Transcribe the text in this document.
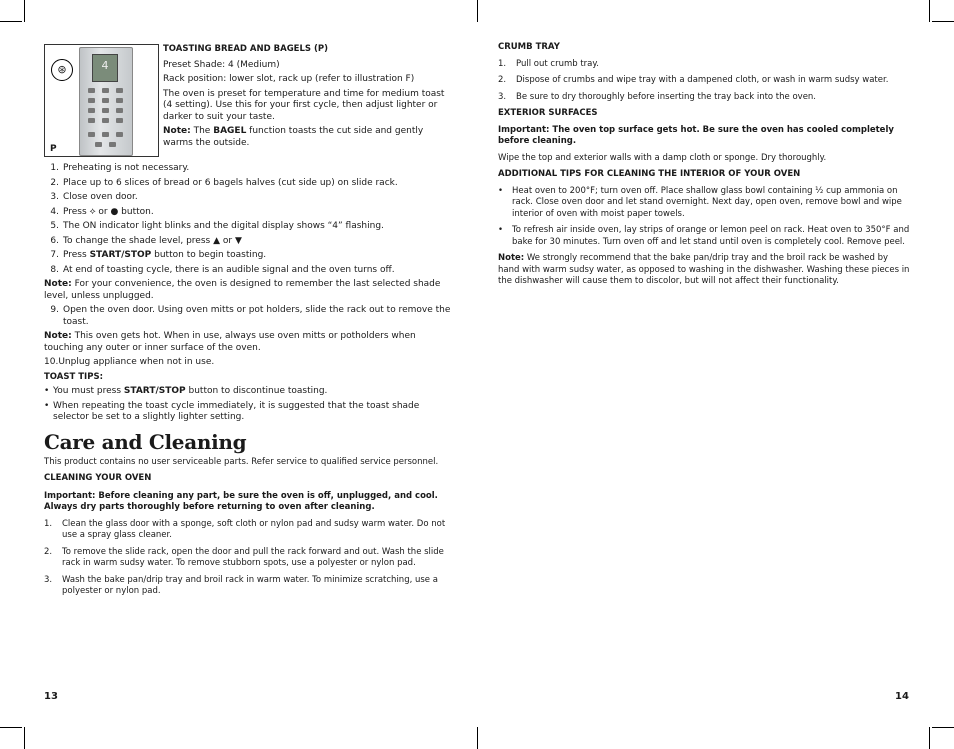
⊛	4
P

TOASTING BREAD AND BAGELS (P)

Preset Shade: 4 (Medium)

Rack position: lower slot, rack up (refer to illustration F)

The oven is preset for temperature and time for medium toast (4 setting). Use this for your first cycle, then adjust lighter or darker to suit your taste.

Note: The BAGEL function toasts the cut side and gently warms the outside.

1. Preheating is not necessary.
2. Place up to 6 slices of bread or 6 bagels halves (cut side up) on slide rack.
3. Close oven door.
4. Press ⟡ or ● button.
5. The ON indicator light blinks and the digital display shows “4” flashing.
6. To change the shade level, press ▲ or ▼
7. Press START/STOP button to begin toasting.
8. At end of toasting cycle, there is an audible signal and the oven turns off.

Note: For your convenience, the oven is designed to remember the last selected shade level, unless unplugged.

9. Open the oven door. Using oven mitts or pot holders, slide the rack out to remove the toast.

Note: This oven gets hot. When in use, always use oven mitts or potholders when touching any outer or inner surface of the oven.

10.Unplug appliance when not in use.

TOAST TIPS:

• You must press START/STOP button to discontinue toasting.
• When repeating the toast cycle immediately, it is suggested that the toast shade selector be set to a slightly lighter setting.
Care and Cleaning

This product contains no user serviceable parts. Refer service to qualified service personnel.

CLEANING YOUR OVEN

Important: Before cleaning any part, be sure the oven is off, unplugged, and cool. Always dry parts thoroughly before returning to oven after cleaning.

1.	Clean the glass door with a sponge, soft cloth or nylon pad and sudsy warm water. Do not use a spray glass cleaner.
2.	To remove the slide rack, open the door and pull the rack forward and out. Wash the slide rack in warm sudsy water. To remove stubborn spots, use a polyester or nylon pad.
3.	Wash the bake pan/drip tray and broil rack in warm water. To minimize scratching, use a polyester or nylon pad.

CRUMB TRAY

1.	Pull out crumb tray.
2.	Dispose of crumbs and wipe tray with a dampened cloth, or wash in warm sudsy water.
3.	Be sure to dry thoroughly before inserting the tray back into the oven.

EXTERIOR SURFACES

Important: The oven top surface gets hot. Be sure the oven has cooled completely before cleaning.

Wipe the top and exterior walls with a damp cloth or sponge. Dry thoroughly.

ADDITIONAL TIPS FOR CLEANING THE INTERIOR OF YOUR OVEN

•	Heat oven to 200°F; turn oven off. Place shallow glass bowl containing ½ cup ammonia on rack. Close oven door and let stand overnight. Next day, open oven, remove bowl and wipe interior of oven with moist paper towels.
•	To refresh air inside oven, lay strips of orange or lemon peel on rack. Heat oven to 350°F and bake for 30 minutes. Turn oven off and let stand until oven is completely cool. Remove peel.

Note: We strongly recommend that the bake pan/drip tray and the broil rack be washed by hand with warm sudsy water, as opposed to washing in the dishwasher. Washing these pieces in the dishwasher will cause them to discolor, but will not affect their functionality.

13	14
